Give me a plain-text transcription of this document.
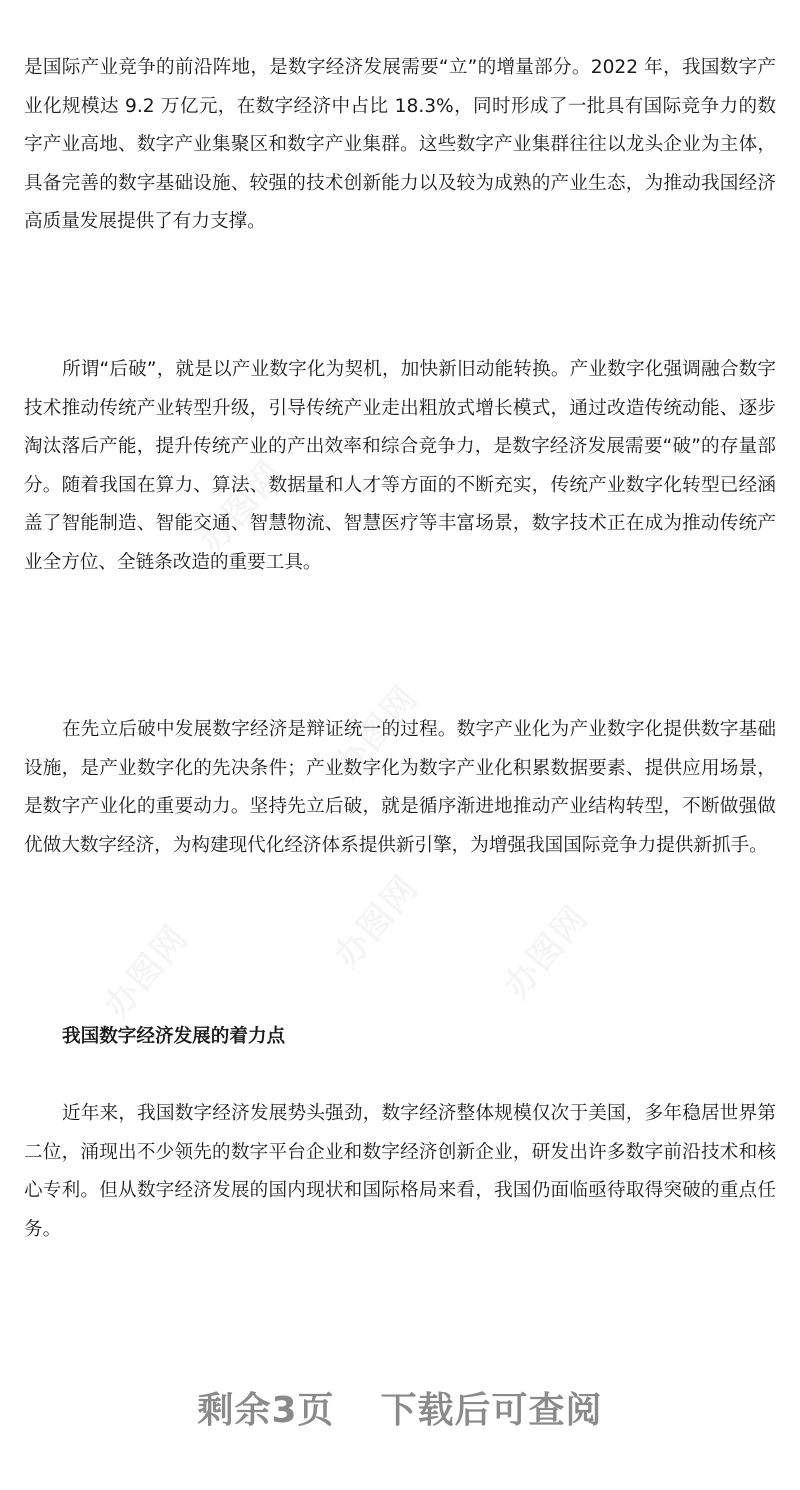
是国际产业竞争的前沿阵地，是数字经济发展需要“立”的增量部分。2022 年，我国数字产业化规模达 9.2 万亿元，在数字经济中占比 18.3%，同时形成了一批具有国际竞争力的数字产业高地、数字产业集聚区和数字产业集群。这些数字产业集群往往以龙头企业为主体，具备完善的数字基础设施、较强的技术创新能力以及较为成熟的产业生态，为推动我国经济高质量发展提供了有力支撑。

所谓“后破”，就是以产业数字化为契机，加快新旧动能转换。产业数字化强调融合数字技术推动传统产业转型升级，引导传统产业走出粗放式增长模式，通过改造传统动能、逐步淘汰落后产能，提升传统产业的产出效率和综合竞争力，是数字经济发展需要“破”的存量部分。随着我国在算力、算法、数据量和人才等方面的不断充实，传统产业数字化转型已经涵盖了智能制造、智能交通、智慧物流、智慧医疗等丰富场景，数字技术正在成为推动传统产业全方位、全链条改造的重要工具。

在先立后破中发展数字经济是辩证统一的过程。数字产业化为产业数字化提供数字基础设施，是产业数字化的先决条件；产业数字化为数字产业化积累数据要素、提供应用场景，是数字产业化的重要动力。坚持先立后破，就是循序渐进地推动产业结构转型，不断做强做优做大数字经济，为构建现代化经济体系提供新引擎，为增强我国国际竞争力提供新抓手。

我国数字经济发展的着力点

近年来，我国数字经济发展势头强劲，数字经济整体规模仅次于美国，多年稳居世界第二位，涌现出不少领先的数字平台企业和数字经济创新企业，研发出许多数字前沿技术和核心专利。但从数字经济发展的国内现状和国际格局来看，我国仍面临亟待取得突破的重点任务。

剩余3页 下载后可查阅
